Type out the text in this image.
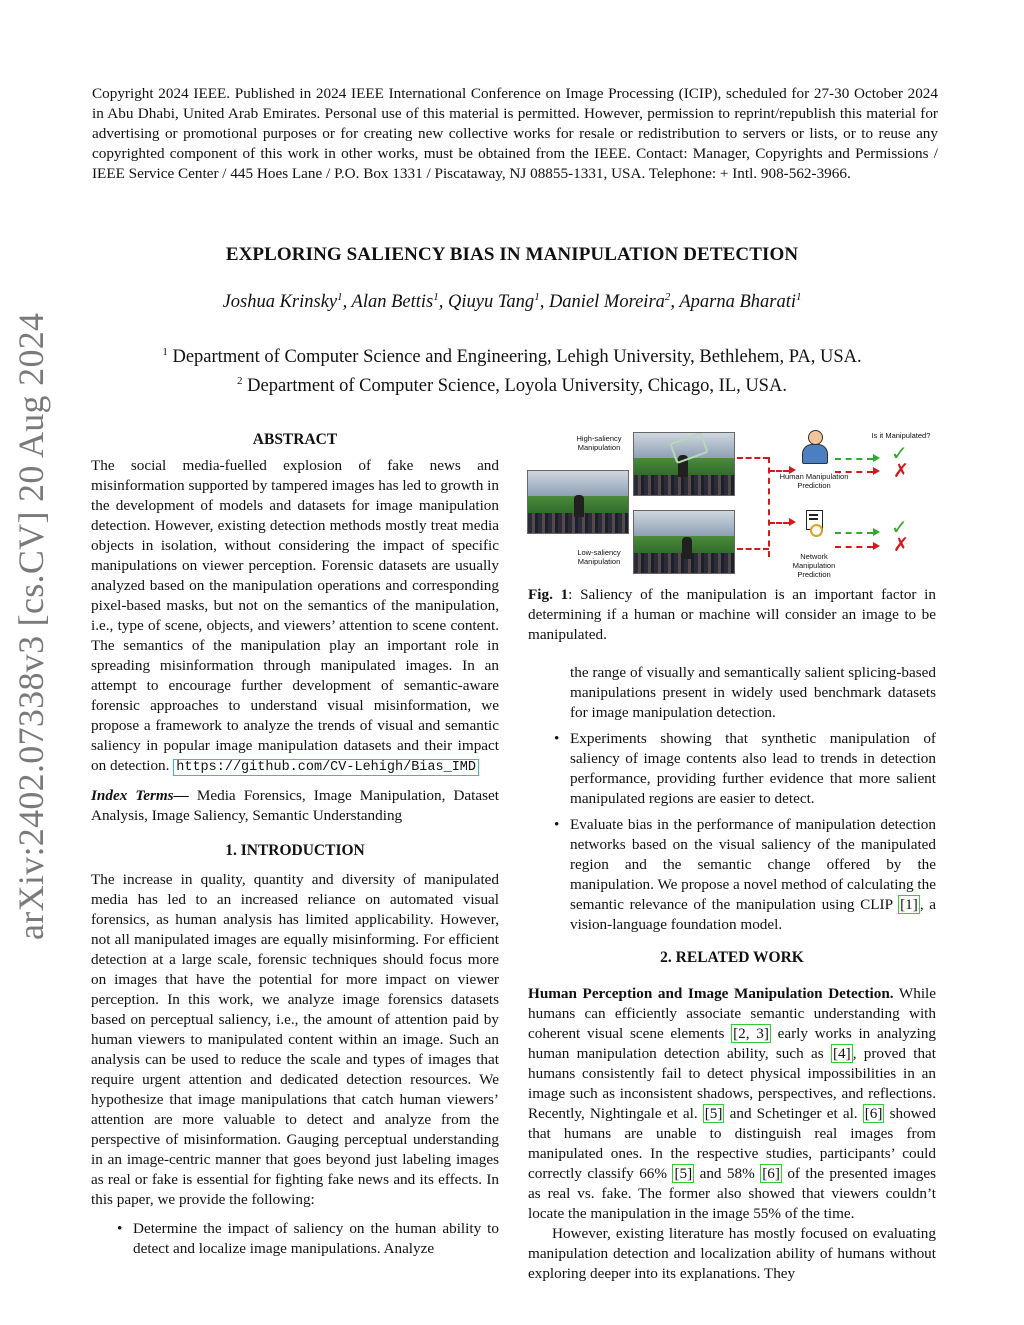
Copyright 2024 IEEE. Published in 2024 IEEE International Conference on Image Processing (ICIP), scheduled for 27-30 October 2024 in Abu Dhabi, United Arab Emirates. Personal use of this material is permitted. However, permission to reprint/republish this material for advertising or promotional purposes or for creating new collective works for resale or redistribution to servers or lists, or to reuse any copyrighted component of this work in other works, must be obtained from the IEEE. Contact: Manager, Copyrights and Permissions / IEEE Service Center / 445 Hoes Lane / P.O. Box 1331 / Piscataway, NJ 08855-1331, USA. Telephone: + Intl. 908-562-3966.
EXPLORING SALIENCY BIAS IN MANIPULATION DETECTION
Joshua Krinsky$^1$, Alan Bettis$^1$, Qiuyu Tang$^1$, Daniel Moreira$^2$, Aparna Bharati$^1$
$^1$ Department of Computer Science and Engineering, Lehigh University, Bethlehem, PA, USA.
$^2$ Department of Computer Science, Loyola University, Chicago, IL, USA.
arXiv:2402.07338v3 [cs.CV] 20 Aug 2024	ABSTRACT

The social media-fuelled explosion of fake news and misinformation supported by tampered images has led to growth in the development of models and datasets for image manipulation detection. However, existing detection methods mostly treat media objects in isolation, without considering the impact of specific manipulations on viewer perception. Forensic datasets are usually analyzed based on the manipulation operations and corresponding pixel-based masks, but not on the semantics of the manipulation, i.e., type of scene, objects, and viewers’ attention to scene content. The semantics of the manipulation play an important role in spreading misinformation through manipulated images. In an attempt to encourage further development of semantic-aware forensic approaches to understand visual misinformation, we propose a framework to analyze the trends of visual and semantic saliency in popular image manipulation datasets and their impact on detection. https://github.com/CV-Lehigh/Bias_IMD

Index Terms— Media Forensics, Image Manipulation, Dataset Analysis, Image Saliency, Semantic Understanding

1. INTRODUCTION

The increase in quality, quantity and diversity of manipulated media has led to an increased reliance on automated visual forensics, as human analysis has limited applicability. However, not all manipulated images are equally misinforming. For efficient detection at a large scale, forensic techniques should focus more on images that have the potential for more impact on viewer perception. In this work, we analyze image forensics datasets based on perceptual saliency, i.e., the amount of attention paid by human viewers to manipulated content within an image. Such an analysis can be used to reduce the scale and types of images that require urgent attention and dedicated detection resources. We hypothesize that image manipulations that catch human viewers’ attention are more valuable to detect and analyze from the perspective of misinformation. Gauging perceptual understanding in an image-centric manner that goes beyond just labeling images as real or fake is essential for fighting fake news and its effects. In this paper, we provide the following:

• Determine the impact of saliency on the human ability to detect and localize image manipulations. Analyze
High-saliency Manipulation
Low-saliency Manipulation
Is it Manipulated?
Human Manipulation Prediction
Network Manipulation Prediction
✓
✗
✓
✗

Fig. 1: Saliency of the manipulation is an important factor in determining if a human or machine will consider an image to be manipulated.

the range of visually and semantically salient splicing-based manipulations present in widely used benchmark datasets for image manipulation detection.
• Experiments showing that synthetic manipulation of saliency of image contents also lead to trends in detection performance, providing further evidence that more salient manipulated regions are easier to detect.
• Evaluate bias in the performance of manipulation detection networks based on the visual saliency of the manipulated region and the semantic change offered by the manipulation. We propose a novel method of calculating the semantic relevance of the manipulation using CLIP [1] , a vision-language foundation model.
2. RELATED WORK

Human Perception and Image Manipulation Detection. While humans can efficiently associate semantic understanding with coherent visual scene elements [2, 3] early works in analyzing human manipulation detection ability, such as [4] , proved that humans consistently fail to detect physical impossibilities in an image such as inconsistent shadows, perspectives, and reflections. Recently, Nightingale et al. [5] and Schetinger et al. [6] showed that humans are unable to distinguish real images from manipulated ones. In the respective studies, participants’ could correctly classify 66% [5] and 58% [6] of the presented images as real vs. fake. The former also showed that viewers couldn’t locate the manipulation in the image 55% of the time.

However, existing literature has mostly focused on evaluating manipulation detection and localization ability of humans without exploring deeper into its explanations. They
